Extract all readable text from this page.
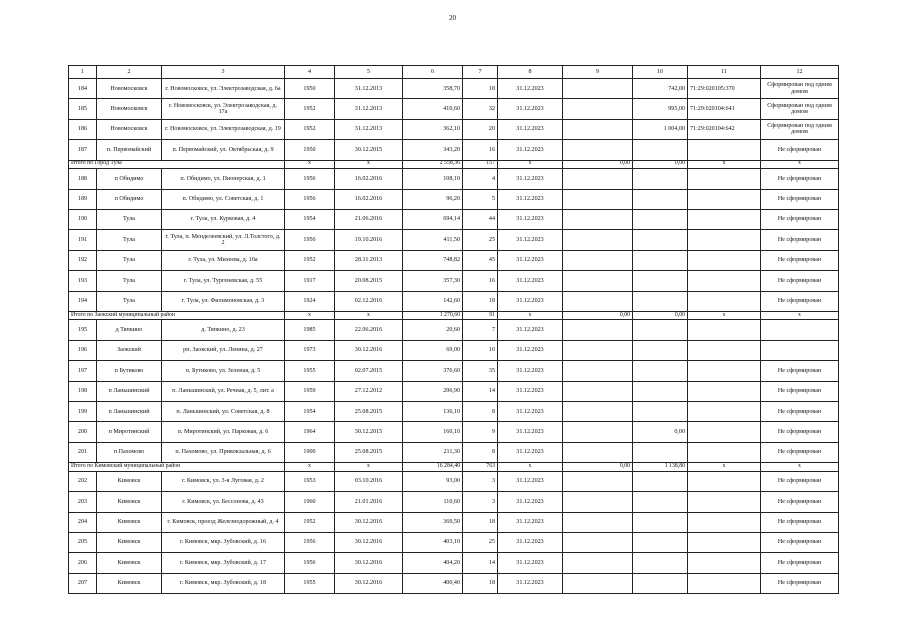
20
1	2	3	4	5	6	7	8	9	10	11	12
184	Новомосковск	г. Новомосковск, ул. Электрозаводская, д. 6а	1950	31.12.2013	358,70	18	31.12.2023		742,00	71:29:020105:370	Сформирован под одним домом
185	Новомосковск	г. Новомосковск, ул. Электрозаводская, д. 17а	1952	31.12.2013	410,60	32	31.12.2023		995,00	71:29:020104:641	Сформирован под одним домом
186	Новомосковск	г. Новомосковск, ул. Электрозаводская, д. 19	1952	31.12.2013	362,10	20	31.12.2023		1 004,00	71:29:020104:642	Сформирован под одним домом
187	п. Первомайский	п. Первомайский, ул. Октябрьская, д. 9	1950	30.12.2015	343,20	16	31.12.2023				Не сформирован
Итого по Город Тула			x	x	2 558,36	157	x	0,00	0,00	x	x
188	п Обидимо	п. Обидимо, ул. Пионерская, д. 1	1956	16.02.2016	108,10	4	31.12.2023				Не сформирован
189	п Обидимо	п. Обидимо, ул. Советская, д. 1	1956	16.02.2016	96,20	5	31.12.2023				Не сформирован
190	Тула	г. Тула, ул. Курковая, д. 4	1954	21.06.2016	694,14	44	31.12.2023				Не сформирован
191	Тула	г. Тула, п. Менделеевский, ул. Л.Толстого, д. 2	1956	19.10.2016	411,50	25	31.12.2023				Не сформирован
192	Тула	г. Тула, ул. Михеева, д. 10а	1952	28.11.2013	748,82	45	31.12.2023				Не сформирован
193	Тула	г. Тула, ул. Тургеневская, д. 55	1917	20.08.2015	357,30	16	31.12.2023				Не сформирован
194	Тула	г. Тула, ул. Филимоновская, д. 3	1924	02.12.2016	142,60	18	31.12.2023				Не сформирован
Итого по Заокский муниципальный район			x	x	1 270,60	91	x	0,00	0,00	x	x
195	д Тяпкино	д. Тяпкино, д. 23	1985	22.06.2016	20,60	7	31.12.2023				
196	Заокский	рп. Заокский, ул. Ленина, д. 27	1973	30.12.2016	69,00	10	31.12.2023				
197	п Бутиково	п. Бутиково, ул. Зеленая, д. 5	1955	02.07.2015	376,60	35	31.12.2023				Не сформирован
198	п Ланьшинский	п. Ланьшинский, ул. Речная, д. 5, лит. а	1959	27.12.2012	296,90	14	31.12.2023				Не сформирован
199	п Ланьшинский	п. Ланьшинский, ул. Советская, д. 8	1954	25.08.2015	136,10	8	31.12.2023				Не сформирован
200	п Миротинский	п. Миротинский, ул. Парковая, д. 6	1964	30.12.2015	160,10	9	31.12.2023		0,00		Не сформирован
201	п Пахомово	п. Пахомово, ул. Привокзальная, д. 6	1900	25.08.2015	211,30	8	31.12.2023				Не сформирован
Итого по Кимовский муниципальный район			x	x	16 284,40	763	x	0,00	1 138,80	x	x
202	Кимовск	г. Кимовск, ул. 3-я Луговая, д. 2	1953	03.10.2016	93,00	3	31.12.2023				Не сформирован
203	Кимовск	г. Кимовск, ул. Бессонова, д. 43	1960	21.01.2016	110,60	3	31.12.2023				Не сформирован
204	Кимовск	г. Кимовск, проезд Железнодорожный, д. 4	1952	30.12.2016	369,50	18	31.12.2023				Не сформирован
205	Кимовск	г. Кимовск, мкр. Зубовский, д. 16	1956	30.12.2016	403,10	25	31.12.2023				Не сформирован
206	Кимовск	г. Кимовск, мкр. Зубовский, д. 17	1956	30.12.2016	404,20	14	31.12.2023				Не сформирован
207	Кимовск	г. Кимовск, мкр. Зубовский, д. 18	1955	30.12.2016	400,40	18	31.12.2023				Не сформирован
